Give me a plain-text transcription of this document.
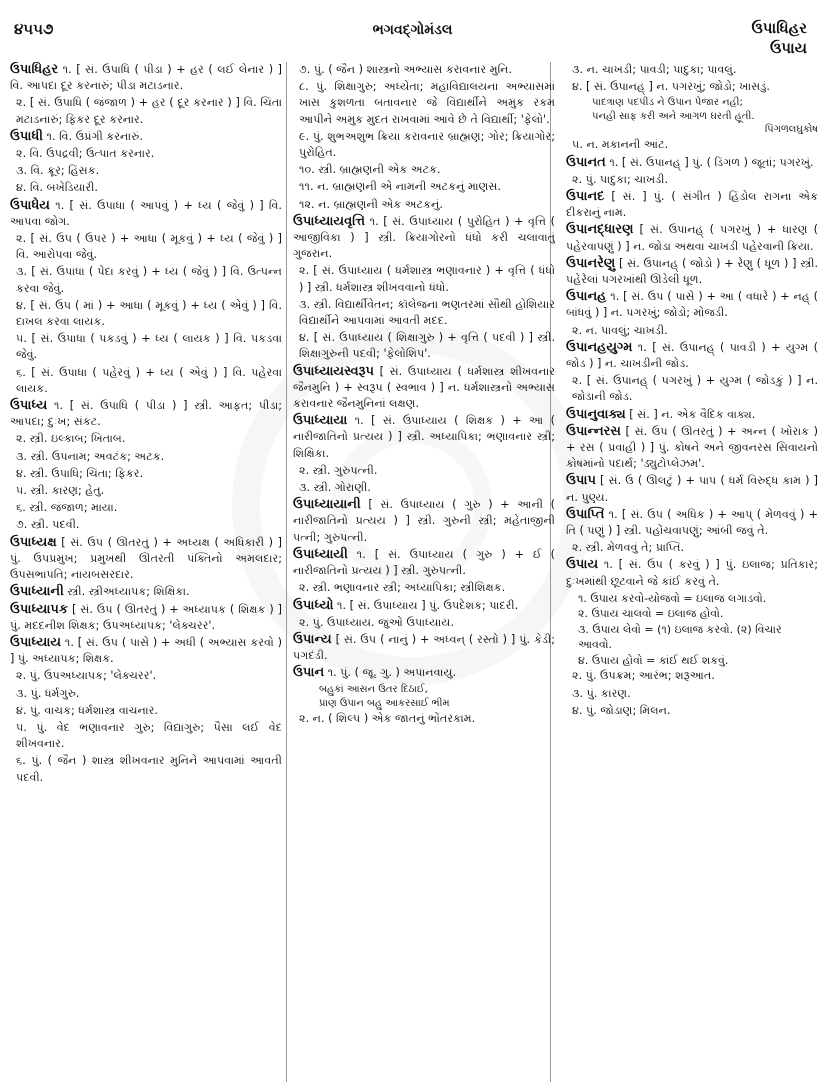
૪૫૫૭	ભગવદ્ગોમંડલ	ઉપાધિહર
ઉપાય

ઉપાધિહર ૧. [ સં. ઉપાધિ ( પીડા ) + હર ( લઈ લેનાર ) ] વિ. આપદા દૂર કરનારું; પીડા મટાડનાર.

૨. [ સં. ઉપાધિ ( જંજાળ ) + હર ( દૂર કરનાર ) ] વિ. ચિંતા મટાડનારું; ફિકર દૂર કરનાર.

ઉપાધી ૧. વિ. ઉપ્રંગી કરનારું.

૨. વિ. ઉપદ્રવી; ઉત્પાત કરનાર.

૩. વિ. ક્રૂર; હિંસક.

૪. વિ. બખેડિયારી.

ઉપાધેય ૧. [ સં. ઉપાધા ( આપવું ) + ધ્ય ( જેવું ) ] વિ. આપવા જોગ.

૨. [ સં. ઉપ ( ઉપર ) + આધા ( મૂકવું ) + ધ્ય ( જેવું ) ] વિ. આરોપવા જેવું.

૩. [ સં. ઉપાધા ( પેદા કરવું ) + ધ્ય ( જેવું ) ] વિ. ઉત્પન્ન કરવા જેવું.

૪. [ સં. ઉપ ( માં ) + આધા ( મૂકવું ) + ધ્ય ( એવું ) ] વિ. દાખલ કરવા લાયક.

૫. [ સં. ઉપાધા ( પકડવું ) + ધ્ય ( લાયક ) ] વિ. પકડવા જેવું.

૬. [ સં. ઉપાધા ( પહેરવું ) + ધ્ય ( એવું ) ] વિ. પહેરવા લાયક.

ઉપાધ્ય ૧. [ સં. ઉપાધિ ( પીડા ) ] સ્ત્રી. આફત; પીડા; આપદા; દુઃખ; સંકટ.

૨. સ્ત્રી. ઇલ્કાબ; ખિતાબ.

૩. સ્ત્રી. ઉપનામ; અવટંક; અટક.

૪. સ્ત્રી. ઉપાધિ; ચિંતા; ફિકર.

૫. સ્ત્રી. કારણ; હેતુ.

૬. સ્ત્રી. જંજાળ; માયા.

૭. સ્ત્રી. પદવી.

ઉપાધ્યક્ષ [ સં. ઉપ ( ઊતરતું ) + અધ્યક્ષ ( અધિકારી ) ] પું. ઉપપ્રમુખ; પ્રમુખથી ઊતરતી પંક્તિનો અમલદાર; ઉપસભાપતિ; નાયબસરદાર.

ઉપાધ્યાની સ્ત્રી. સ્ત્રીઅધ્યાપક; શિક્ષિકા.

ઉપાધ્યાપક [ સં. ઉપ ( ઊતરતું ) + અધ્યાપક ( શિક્ષક ) ] પું. મદદનીશ શિક્ષક; ઉપઅધ્યાપક; 'લેક્ચરર'.

ઉપાધ્યાય ૧. [ સં. ઉપ ( પાસે ) + અધી ( અભ્યાસ કરવો ) ] પું. અધ્યાપક; શિક્ષક.

૨. પું. ઉપઅધ્યાપક; 'લેક્ચરર'.

૩. પું. ધર્મગુરુ.

૪. પું. વાચક; ધર્મશાસ્ત્ર વાચનાર.

૫. પું. વેદ ભણાવનાર ગુરુ; વિદ્યાગુરુ; પૈસા લઈ વેદ શીખવનાર.

૬. પું. ( જૈન ) શાસ્ત્ર શીખવનાર મુનિને આપવામાં આવતી પદવી.

૭. પું. ( જૈન ) શાસ્ત્રનો અભ્યાસ કરાવનાર મુનિ.

૮. પું. શિક્ષાગુરુ; અધ્યેતા; મહાવિદ્યાલયના અભ્યાસમાં ખાસ કુશળતા બતાવનાર જે વિદ્યાર્થીને અમુક રકમ આપીને અમુક મુદત રાખવામાં આવે છે તે વિદ્યાર્થી; 'ફેલો'.

૯. પું. શુભઅશુભ ક્રિયા કરાવનાર બ્રાહ્મણ; ગોર; ક્રિયાગોર; પુરોહિત.

૧૦. સ્ત્રી. બ્રાહ્મણની એક અટક.

૧૧. ન. બ્રાહ્મણની એ નામની અટકનું માણસ.

૧૨. ન. બ્રાહ્મણની એક અટકનું.

ઉપાધ્યાયવૃત્તિ ૧. [ સં. ઉપાધ્યાય ( પુરોહિત ) + વૃત્તિ ( આજીવિકા ) ] સ્ત્રી. ક્રિયાગોરનો ધંધો કરી ચલાવાતું ગુજરાન.

૨. [ સં. ઉપાધ્યાય ( ધર્મશાસ્ત્ર ભણાવનાર ) + વૃત્તિ ( ધંધો ) ] સ્ત્રી. ધર્મશાસ્ત્ર શીખવવાનો ધંધો.

૩. સ્ત્રી. વિદ્યાર્થીવેતન; કૉલેજના ભણતરમાં સૌથી હોશિયાર વિદ્યાર્થીને આપવામાં આવતી મદદ.

૪. [ સં. ઉપાધ્યાય ( શિક્ષાગુરુ ) + વૃત્તિ ( પદવી ) ] સ્ત્રી. શિક્ષાગુરુની પદવી; 'ફેલોશિપ'.

ઉપાધ્યાયસ્વરૂપ [ સં. ઉપાધ્યાય ( ધર્મશાસ્ત્ર શીખવનાર જૈનમુનિ ) + સ્વરૂપ ( સ્વભાવ ) ] ન. ધર્મશાસ્ત્રનો અભ્યાસ કરાવનાર જૈનમુનિનાં લક્ષણ.

ઉપાધ્યાયા ૧. [ સં. ઉપાધ્યાય ( શિક્ષક ) + આ ( નારીજાતિનો પ્રત્યય ) ] સ્ત્રી. અધ્યાપિકા; ભણાવનાર સ્ત્રી; શિક્ષિકા.

૨. સ્ત્રી. ગુરુપત્ની.

૩. સ્ત્રી. ગોરાણી.

ઉપાધ્યાયાની [ સં. ઉપાધ્યાય ( ગુરુ ) + આની ( નારીજાતિનો પ્રત્યય ) ] સ્ત્રી. ગુરુની સ્ત્રી; મહેતાજીની પત્ની; ગુરુપત્ની.

ઉપાધ્યાયી ૧. [ સં. ઉપાધ્યાય ( ગુરુ ) + ઈ ( નારીજાતિનો પ્રત્યય ) ] સ્ત્રી. ગુરુપત્ની.

૨. સ્ત્રી. ભણાવનાર સ્ત્રી; અધ્યાપિકા; સ્ત્રીશિક્ષક.

ઉપાધ્યો ૧. [ સં. ઉપાધ્યાય ] પું. ઉપદેશક; પાદરી.

૨. પું. ઉપાધ્યાય. જુઓ ઉપાધ્યાય.

ઉપાન્ય [ સં. ઉપ ( નાનું ) + અધ્વન્ ( રસ્તો ) ] પું. કેડી; પગદંડી.

ઉપાન ૧. પું. ( જૂ. ગુ. ) અપાનવાયુ.

બહુકાં આસન ઉતર દિઠાઈ,

પ્રાણ ઉપાન બહુ આકરસાઈ ભીમ

૨. ન. ( શિલ્પ ) એક જાતનું ભોંતરકામ.

૩. ન. ચાખડી; પાવડી; પાદુકા; પાવલું.

૪. [ સં. ઉપાનહ્ ] ન. પગરખું; જોડો; ખાસડું.

પાદત્રાણ પદપીડ ને ઉપાન પેજાર નહી;

પનહી સાફ કરી અને આગળ ઘરતી હૂતી.

પિંગળલઘુકોષ

૫. ન. મકાનની આંટ.

ઉપાનત ૧. [ સં. ઉપાનહ્ ] પું. ( ડિંગળ ) જૂતાં; પગરખું.

૨. પું. પાદુકા; ચાખડી.

ઉપાનદ [ સં. ] પું. ( સંગીત ) હિંડોલ રાગના એક દીકરાનું નામ.

ઉપાનદ્ધારણ [ સં. ઉપાનહ્ ( પગરખું ) + ધારણ ( પહેરવાપણું ) ] ન. જોડા અથવા ચાખડી પહેરવાની ક્રિયા.

ઉપાનરેણુ [ સં. ઉપાનહ્ ( જોડો ) + રેણુ ( ધૂળ ) ] સ્ત્રી. પહેરેલાં પગરખાંથી ઊડેલી ધૂળ.

ઉપાનહ ૧. [ સં. ઉપ ( પાસે ) + આ ( વધારે ) + નહ્ ( બાંધવું ) ] ન. પગરખું; જોડો; મોજડી.

૨. ન. પાવલું; ચાખડી.

ઉપાનહયુગ્મ ૧. [ સં. ઉપાનહ્ ( પાવડી ) + યુગ્મ ( જોડ ) ] ન. ચાખડીની જોડ.

૨. [ સં. ઉપાનહ્ ( પગરખું ) + યુગ્મ ( જોડકું ) ] ન. જોડાની જોડ.

ઉપાનુવાક્ય [ સં. ] ન. એક વૈદિક વાક્ય.

ઉપાન્નરસ [ સં. ઉપ ( ઊતરતું ) + અન્ન ( ખોરાક ) + રસ ( પ્રવાહી ) ] પું. કોષને અને જીવનરસ સિવાયનો કોષમાંનો પદાર્થ; 'ડ્યુટોપ્લેઝમ'.

ઉપાપ [ સં. ઉ ( ઊલટું ) + પાપ ( ધર્મ વિરુદ્ધ કામ ) ] ન. પુણ્ય.

ઉપાપ્તિ ૧. [ સં. ઉપ ( અધિક ) + આપ્ ( મેળવવું ) + તિ ( પણું ) ] સ્ત્રી. પહોંચવાપણું; આંબી જવું તે.

૨. સ્ત્રી. મેળવવું તે; પ્રાપ્તિ.

ઉપાય ૧. [ સં. ઉપ ( કરવું ) ] પું. ઇલાજ; પ્રતિકાર; દુઃખમાંથી છૂટવાને જે કાંઈ કરવું તે.

૧. ઉપાય કરવો-યોજવો = ઇલાજ લગાડવો.

૨. ઉપાય ચાલવો = ઇલાજ હોવો.

૩. ઉપાય લેવો = (૧) ઇલાજ કરવો. (૨) વિચાર આવવો.

૪. ઉપાય હોવો = કાંઈ થઈ શકવું.

૨. પું. ઉપક્રમ; આરંભ; શરૂઆત.

૩. પું. કારણ.

૪. પું. જોડાણ; મિલન.
